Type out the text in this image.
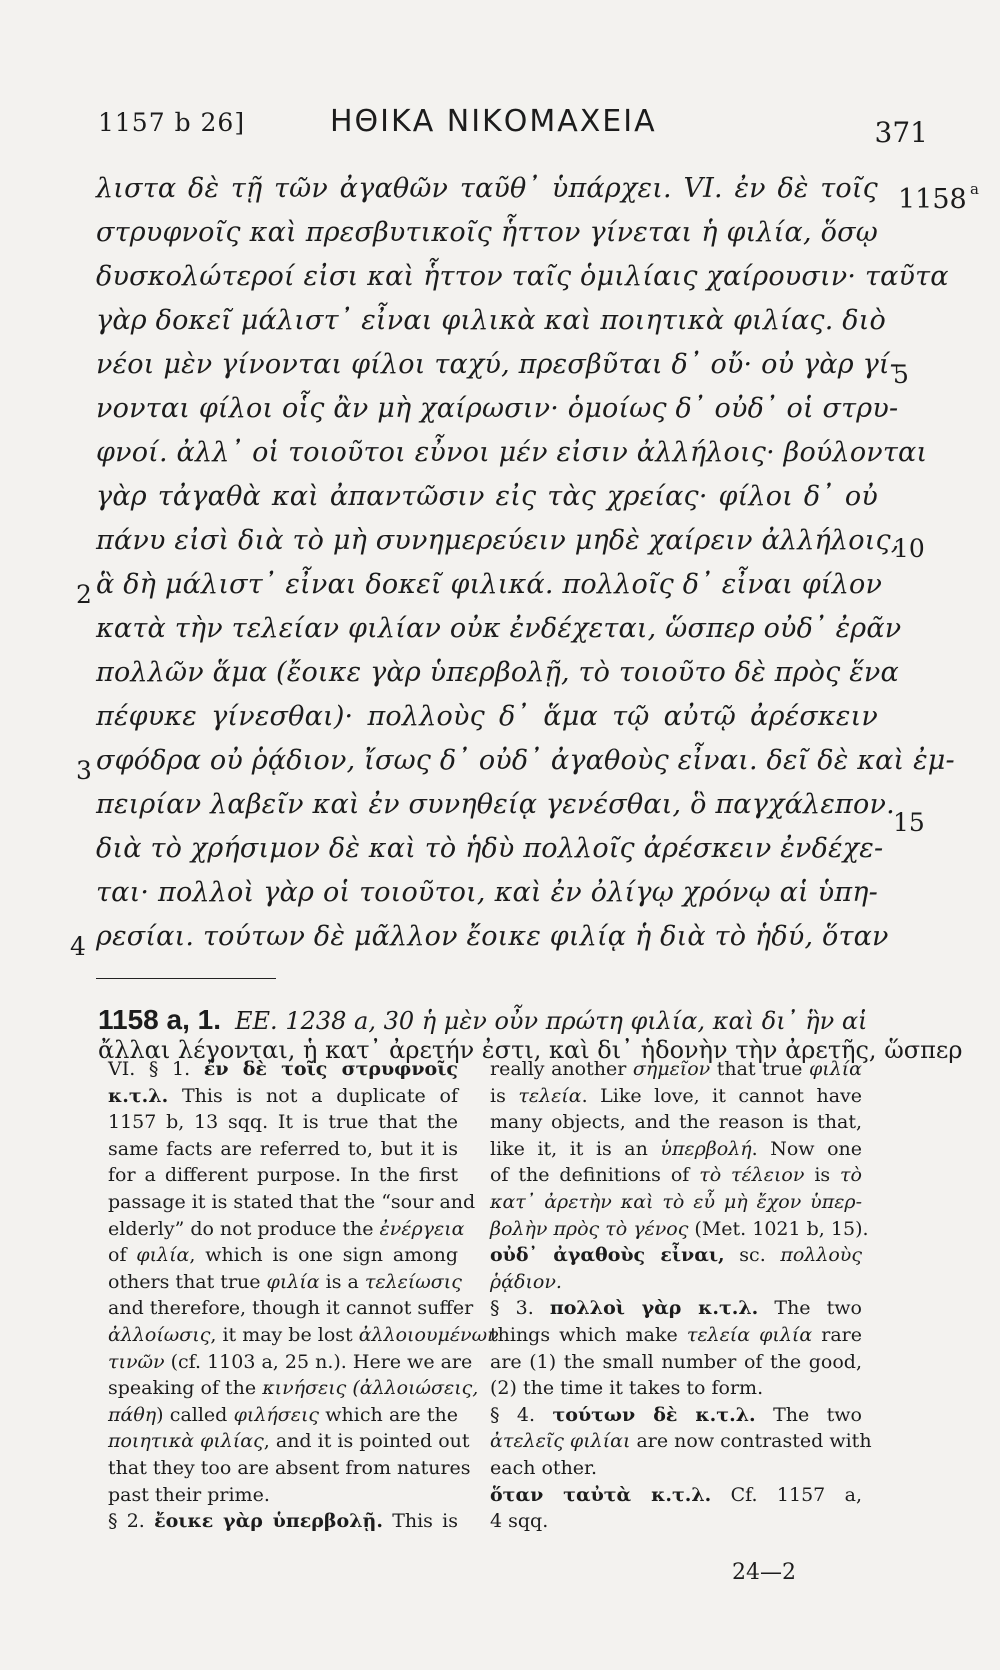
1157 b 26]	ΗΘΙΚΑ ΝΙΚΟΜΑΧΕΙΑ	371
λιστα δὲ τῇ τῶν ἀγαθῶν ταῦθ᾽ ὑπάρχει. VI. ἐν δὲ τοῖς
στρυφνοῖς καὶ πρεσβυτικοῖς ἧττον γίνεται ἡ φιλία, ὅσῳ
δυσκολώτεροί εἰσι καὶ ἧττον ταῖς ὁμιλίαις χαίρουσιν· ταῦτα
γὰρ δοκεῖ μάλιστ᾽ εἶναι φιλικὰ καὶ ποιητικὰ φιλίας. διὸ
νέοι μὲν γίνονται φίλοι ταχύ, πρεσβῦται δ᾽ οὔ· οὐ γὰρ γί-
νονται φίλοι οἷς ἂν μὴ χαίρωσιν· ὁμοίως δ᾽ οὐδ᾽ οἱ στρυ-
φνοί. ἀλλ᾽ οἱ τοιοῦτοι εὖνοι μέν εἰσιν ἀλλήλοις· βούλονται
γὰρ τἀγαθὰ καὶ ἀπαντῶσιν εἰς τὰς χρείας· φίλοι δ᾽ οὐ
πάνυ εἰσὶ διὰ τὸ μὴ συνημερεύειν μηδὲ χαίρειν ἀλλήλοις,
ἃ δὴ μάλιστ᾽ εἶναι δοκεῖ φιλικά. πολλοῖς δ᾽ εἶναι φίλον
κατὰ τὴν τελείαν φιλίαν οὐκ ἐνδέχεται, ὥσπερ οὐδ᾽ ἐρᾶν
πολλῶν ἅμα (ἔοικε γὰρ ὑπερβολῇ, τὸ τοιοῦτο δὲ πρὸς ἕνα
πέφυκε γίνεσθαι)· πολλοὺς δ᾽ ἅμα τῷ αὐτῷ ἀρέσκειν
σφόδρα οὐ ῥᾴδιον, ἴσως δ᾽ οὐδ᾽ ἀγαθοὺς εἶναι. δεῖ δὲ καὶ ἐμ-
πειρίαν λαβεῖν καὶ ἐν συνηθείᾳ γενέσθαι, ὃ παγχάλεπον.
διὰ τὸ χρήσιμον δὲ καὶ τὸ ἡδὺ πολλοῖς ἀρέσκειν ἐνδέχε-
ται· πολλοὶ γὰρ οἱ τοιοῦτοι, καὶ ἐν ὀλίγῳ χρόνῳ αἱ ὑπη-
ρεσίαι. τούτων δὲ μᾶλλον ἔοικε φιλίᾳ ἡ διὰ τὸ ἡδύ, ὅταν
1158 a
5
10
15
2
3
4
1158 a, 1. EE. 1238 a, 30 ἡ μὲν οὖν πρώτη φιλία, καὶ δι᾽ ἣν αἱ
ἄλλαι λέγονται, ἡ κατ᾽ ἀρετήν ἐστι, καὶ δι᾽ ἡδονὴν τὴν ἀρετῆς, ὥσπερ
VI. § 1. ἐν δὲ τοῖς στρυφνοῖς
κ.τ.λ. This is not a duplicate of
1157 b, 13 sqq. It is true that the
same facts are referred to, but it is
for a different purpose. In the first
passage it is stated that the “sour and
elderly” do not produce the ἐνέργεια
of φιλία, which is one sign among
others that true φιλία is a τελείωσις
and therefore, though it cannot suffer
ἀλλοίωσις, it may be lost ἀλλοιουμένων
τινῶν (cf. 1103 a, 25 n.). Here we are
speaking of the κινήσεις (ἀλλοιώσεις,
πάθη) called φιλήσεις which are the
ποιητικὰ φιλίας, and it is pointed out
that they too are absent from natures
past their prime.
§ 2. ἔοικε γὰρ ὑπερβολῇ. This is
really another σημεῖον that true φιλία
is τελεία. Like love, it cannot have
many objects, and the reason is that,
like it, it is an ὑπερβολή. Now one
of the definitions of τὸ τέλειον is τὸ
κατ᾽ ἀρετὴν καὶ τὸ εὖ μὴ ἔχον ὑπερ-
βολὴν πρὸς τὸ γένος (Met. 1021 b, 15).
οὐδ᾽ ἀγαθοὺς εἶναι, sc. πολλοὺς
ῥᾴδιον.
§ 3. πολλοὶ γὰρ κ.τ.λ. The two
things which make τελεία φιλία rare
are (1) the small number of the good,
(2) the time it takes to form.
§ 4. τούτων δὲ κ.τ.λ. The two
ἀτελεῖς φιλίαι are now contrasted with
each other.
ὅταν ταὐτὰ κ.τ.λ. Cf. 1157 a,
4 sqq.
24—2
